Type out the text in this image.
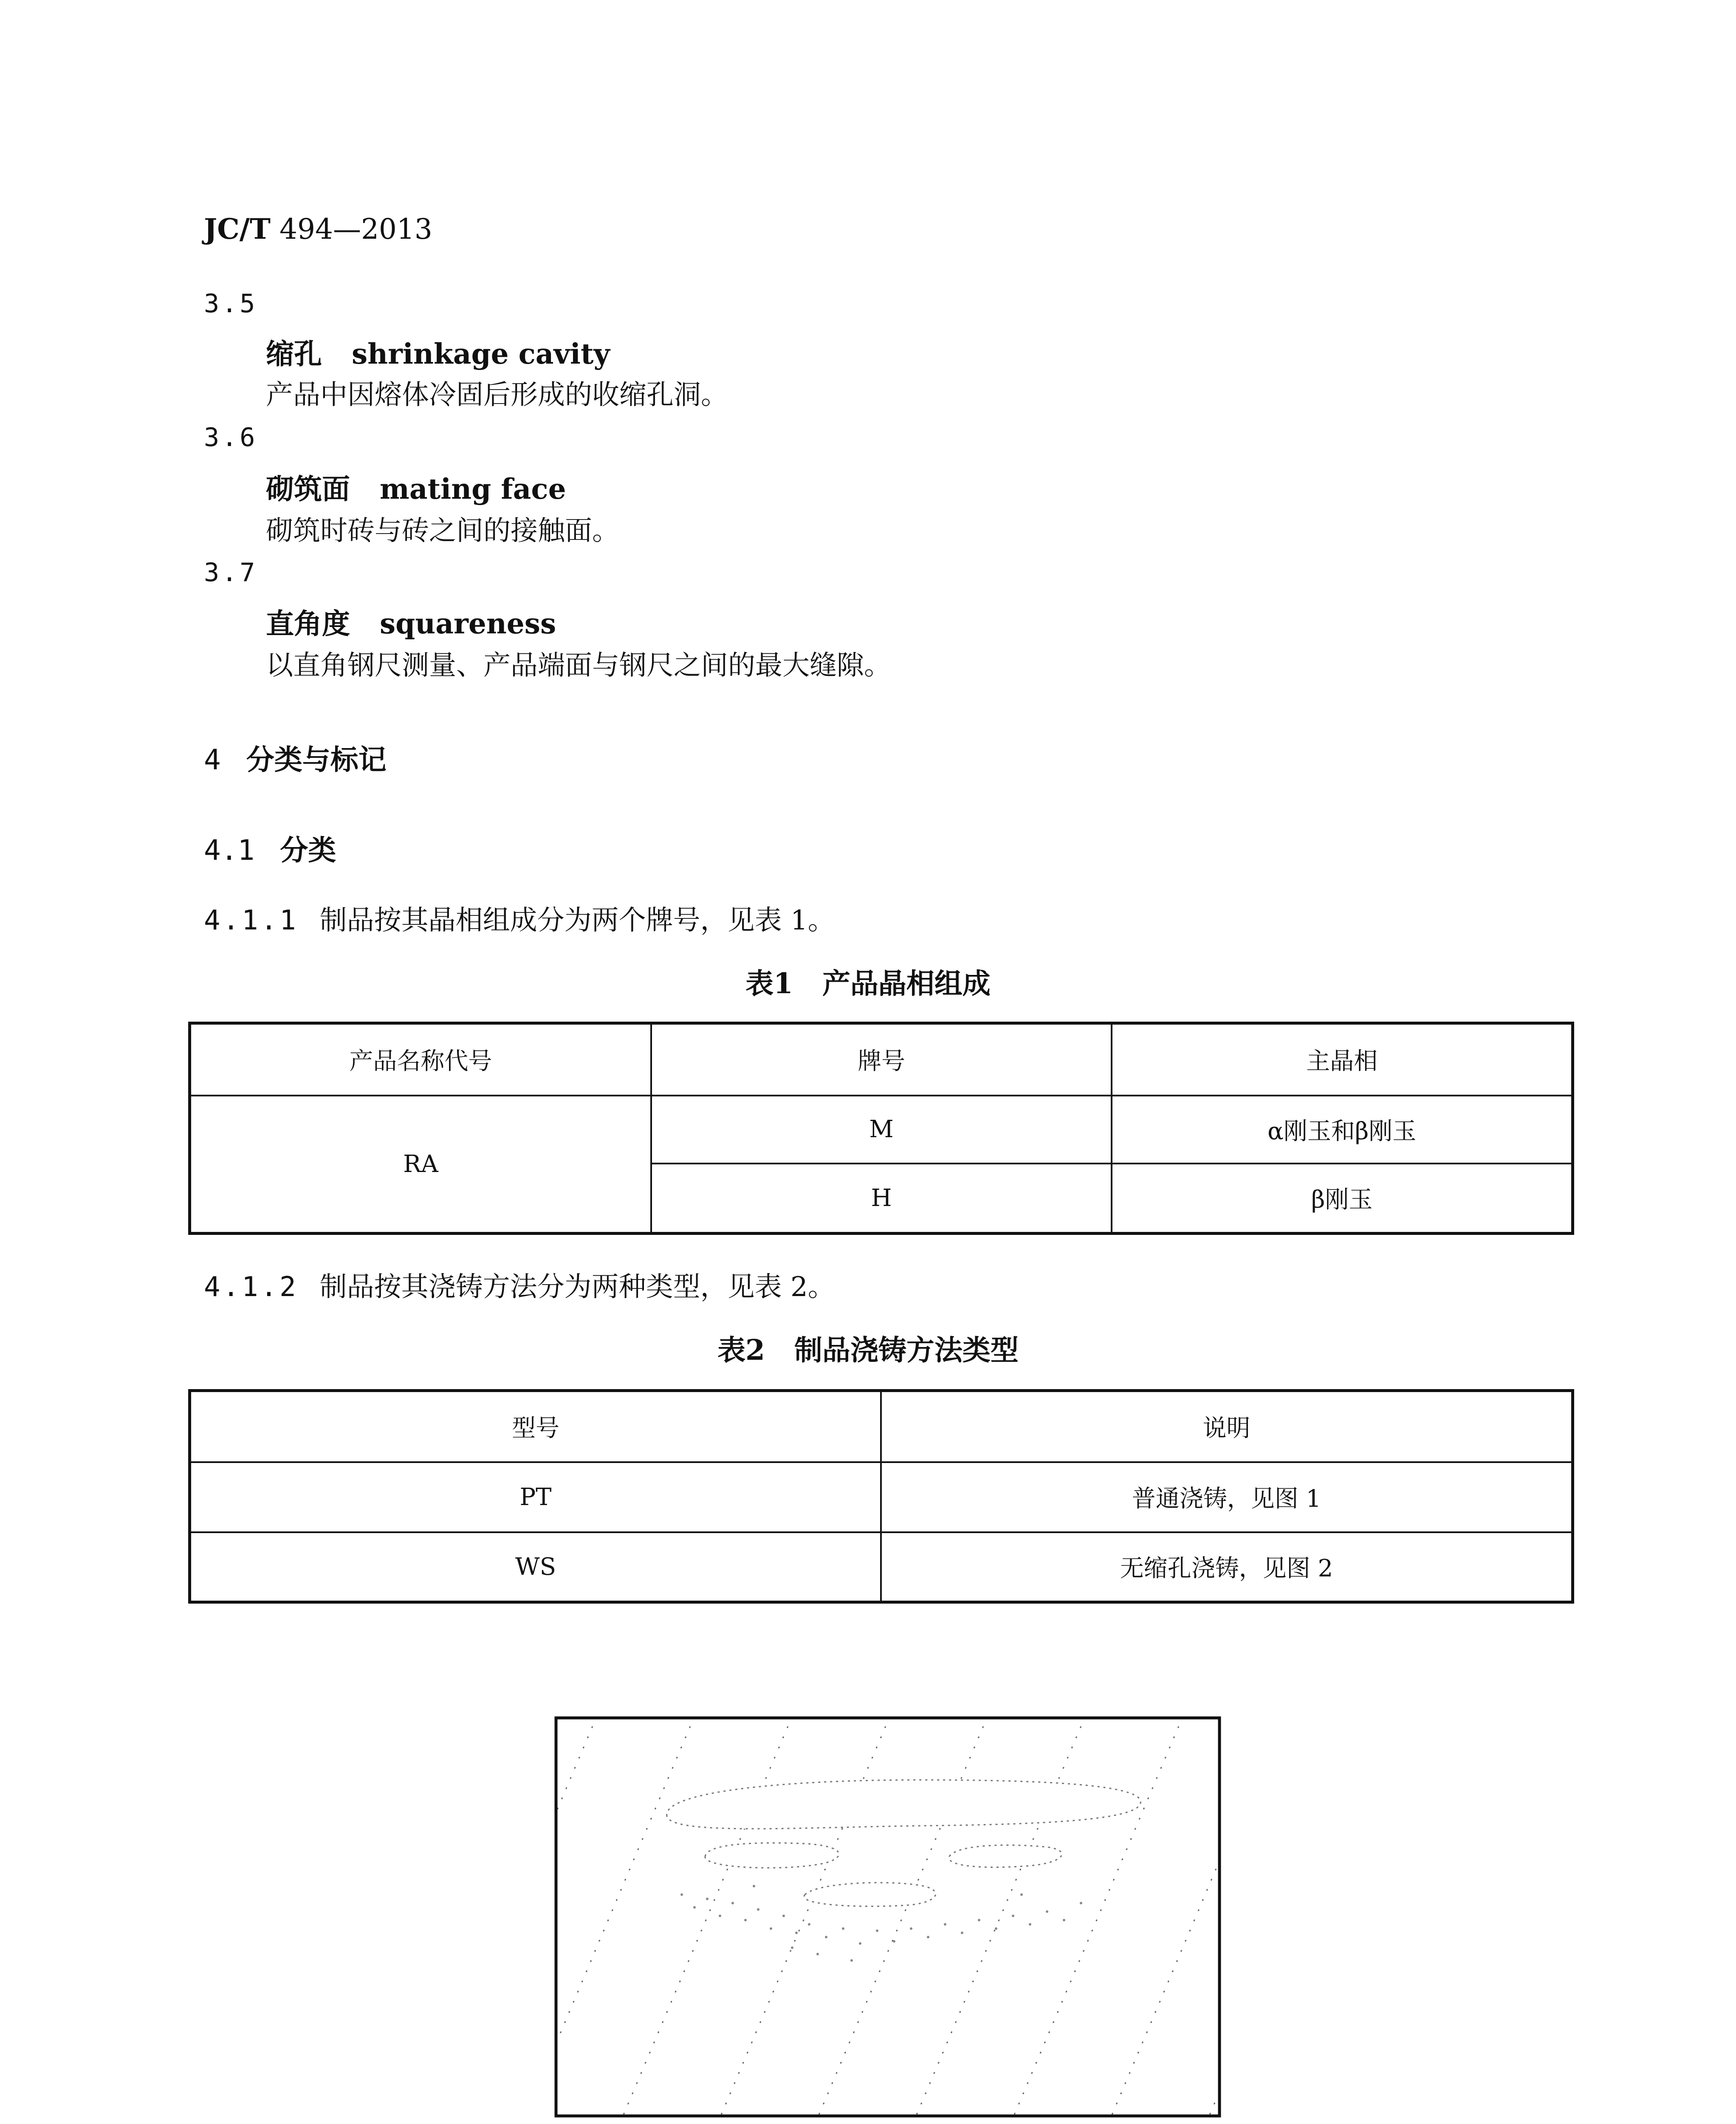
JC/T 494—2013
3.5
缩孔 shrinkage cavity
产品中因熔体冷固后形成的收缩孔洞。
3.6
砌筑面 mating face
砌筑时砖与砖之间的接触面。
3.7
直角度 squareness
以直角钢尺测量、产品端面与钢尺之间的最大缝隙。
4 分类与标记
4.1 分类
4.1.1 制品按其晶相组成分为两个牌号，见表 1。
表1 产品晶相组成
产品名称代号	牌号	主晶相
RA	M	α刚玉和β刚玉
	H	β刚玉
4.1.2 制品按其浇铸方法分为两种类型，见表 2。
表2 制品浇铸方法类型
型号	说明
PT	普通浇铸，见图 1
WS	无缩孔浇铸，见图 2
